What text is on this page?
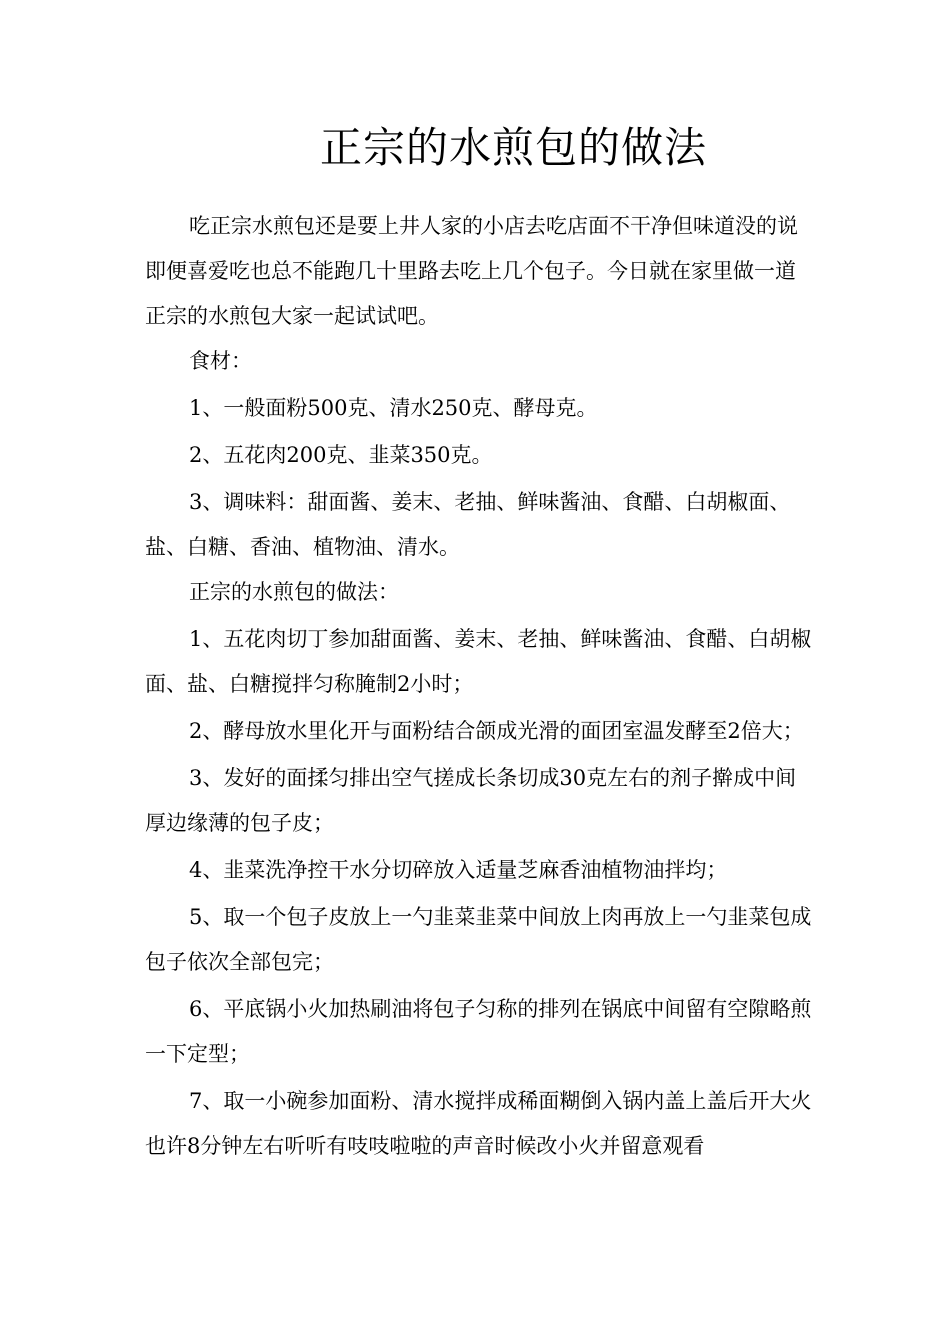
正宗的水煎包的做法

吃正宗水煎包还是要上井人家的小店去吃店面不干净但味道没的说即便喜爱吃也总不能跑几十里路去吃上几个包子。今日就在家里做一道正宗的水煎包大家一起试试吧。

食材：

1、一般面粉500克、清水250克、酵母克。

2、五花肉200克、韭菜350克。

3、调味料：甜面酱、姜末、老抽、鲜味酱油、食醋、白胡椒面、盐、白糖、香油、植物油、清水。

正宗的水煎包的做法：

1、五花肉切丁参加甜面酱、姜末、老抽、鲜味酱油、食醋、白胡椒面、盐、白糖搅拌匀称腌制2小时；

2、酵母放水里化开与面粉结合颌成光滑的面团室温发酵至2倍大；

3、发好的面揉匀排出空气搓成长条切成30克左右的剂子擀成中间厚边缘薄的包子皮；

4、韭菜洗净控干水分切碎放入适量芝麻香油植物油拌均；

5、取一个包子皮放上一勺韭菜韭菜中间放上肉再放上一勺韭菜包成包子依次全部包完；

6、平底锅小火加热刷油将包子匀称的排列在锅底中间留有空隙略煎一下定型；

7、取一小碗参加面粉、清水搅拌成稀面糊倒入锅内盖上盖后开大火也许8分钟左右听听有吱吱啦啦的声音时候改小火并留意观看
